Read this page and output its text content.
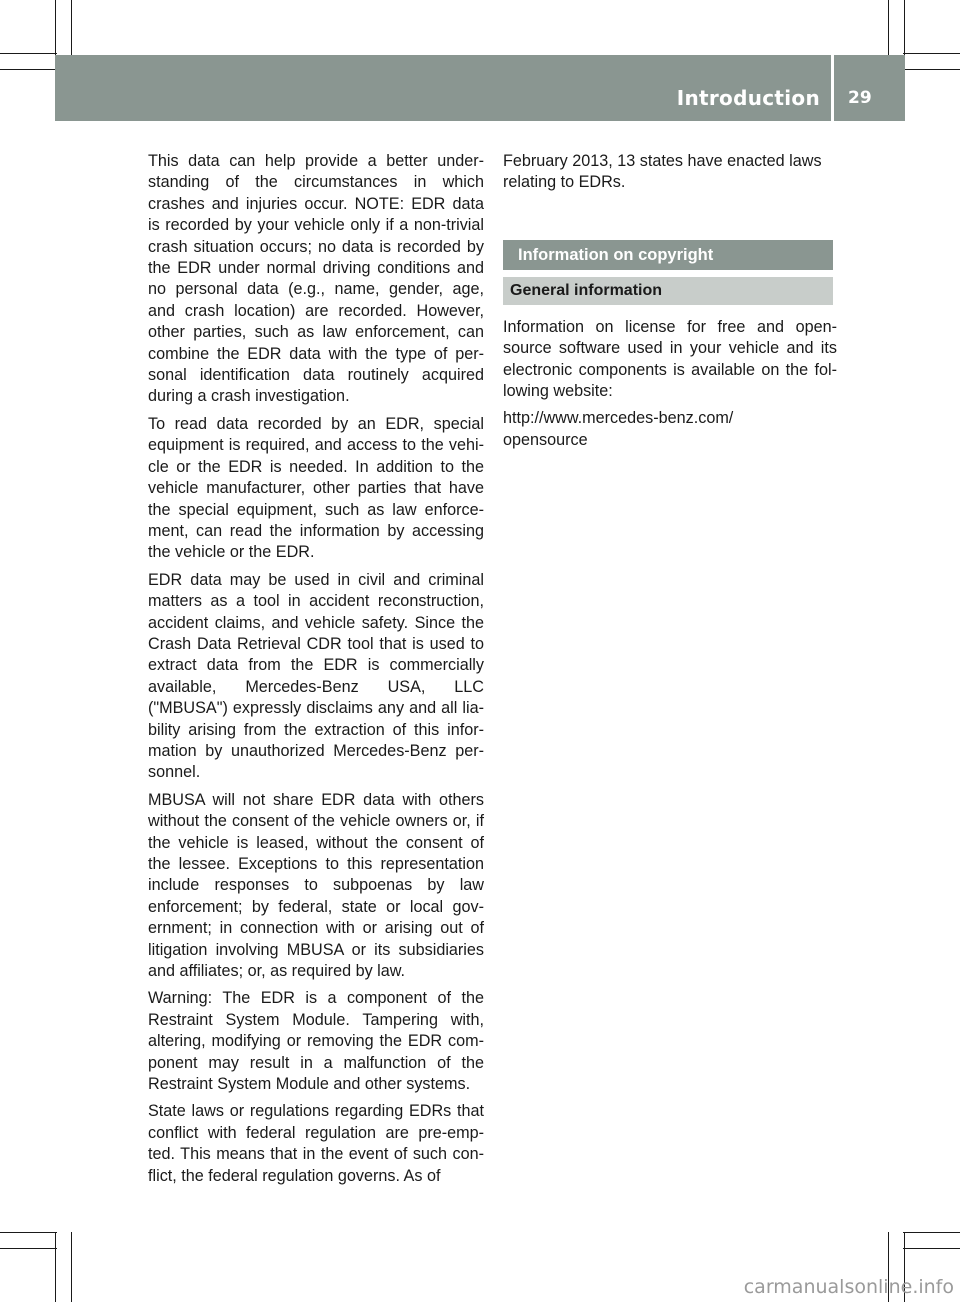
Introduction 29

This data can help provide a better under- standing of the circumstances in which crashes and injuries occur. NOTE: EDR data is recorded by your vehicle only if a non-trivial crash situation occurs; no data is recorded by the EDR under normal driving conditions and no personal data (e.g., name, gender, age, and crash location) are recorded. However, other parties, such as law enforcement, can combine the EDR data with the type of per- sonal identification data routinely acquired during a crash investigation.

To read data recorded by an EDR, special equipment is required, and access to the vehi- cle or the EDR is needed. In addition to the vehicle manufacturer, other parties that have the special equipment, such as law enforce- ment, can read the information by accessing the vehicle or the EDR.

EDR data may be used in civil and criminal matters as a tool in accident reconstruction, accident claims, and vehicle safety. Since the Crash Data Retrieval CDR tool that is used to extract data from the EDR is commercially available, Mercedes-Benz USA, LLC ("MBUSA") expressly disclaims any and all lia- bility arising from the extraction of this infor- mation by unauthorized Mercedes-Benz per- sonnel.

MBUSA will not share EDR data with others without the consent of the vehicle owners or, if the vehicle is leased, without the consent of the lessee. Exceptions to this representation include responses to subpoenas by law enforcement; by federal, state or local gov- ernment; in connection with or arising out of litigation involving MBUSA or its subsidiaries and affiliates; or, as required by law.

Warning: The EDR is a component of the Restraint System Module. Tampering with, altering, modifying or removing the EDR com- ponent may result in a malfunction of the Restraint System Module and other systems.

State laws or regulations regarding EDRs that conflict with federal regulation are pre-emp- ted. This means that in the event of such con- flict, the federal regulation governs. As of

February 2013, 13 states have enacted laws relating to EDRs.

Information on copyright
General information

Information on license for free and open- source software used in your vehicle and its electronic components is available on the fol- lowing website:

http://www.mercedes-benz.com/
opensource

carmanualsonline.info
